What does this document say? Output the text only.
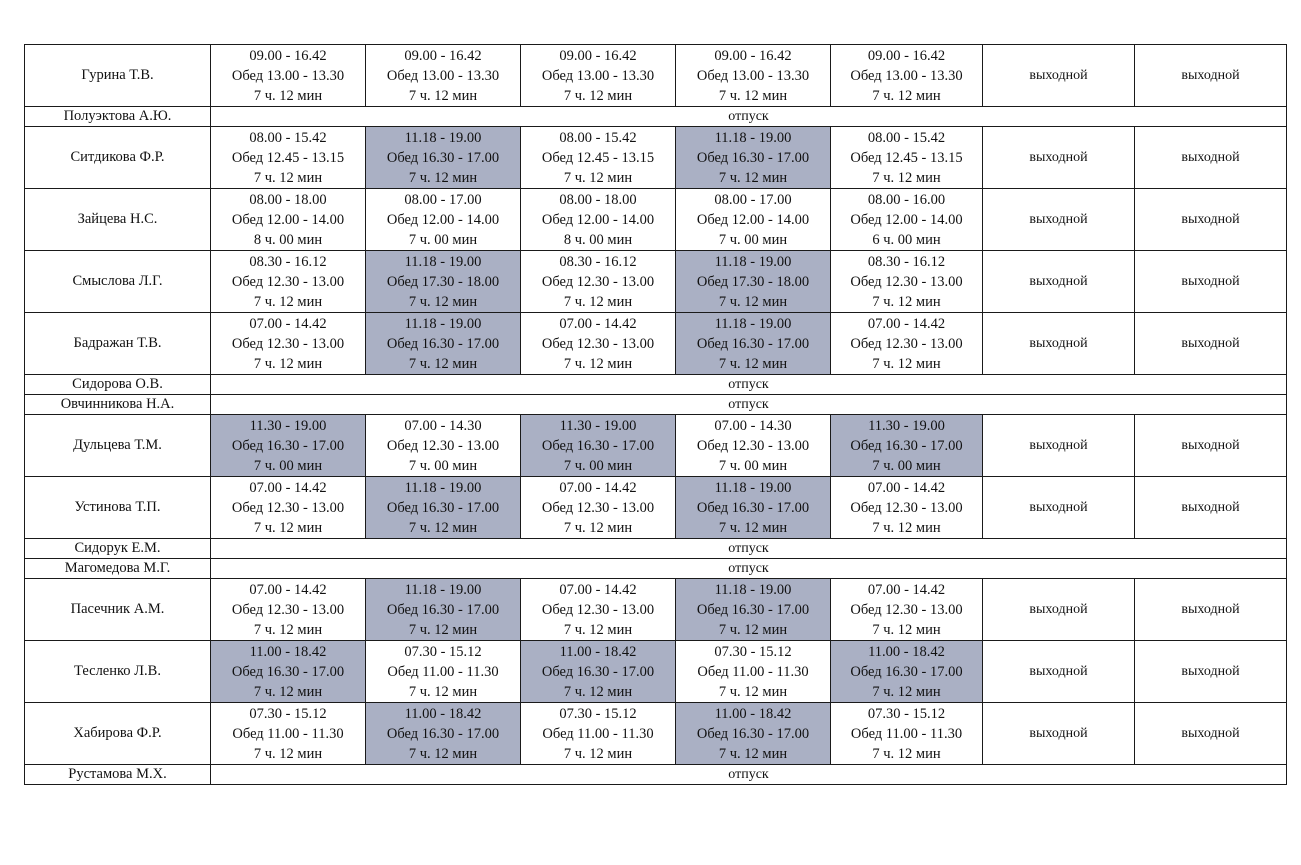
Гурина Т.В.	09.00 - 16.42
Обед 13.00 - 13.30
7 ч. 12 мин	09.00 - 16.42
Обед 13.00 - 13.30
7 ч. 12 мин	09.00 - 16.42
Обед 13.00 - 13.30
7 ч. 12 мин	09.00 - 16.42
Обед 13.00 - 13.30
7 ч. 12 мин	09.00 - 16.42
Обед 13.00 - 13.30
7 ч. 12 мин	выходной	выходной
Полуэктова А.Ю.	отпуск						
Ситдикова Ф.Р.	08.00 - 15.42
Обед 12.45 - 13.15
7 ч. 12 мин	11.18 - 19.00
Обед 16.30 - 17.00
7 ч. 12 мин	08.00 - 15.42
Обед 12.45 - 13.15
7 ч. 12 мин	11.18 - 19.00
Обед 16.30 - 17.00
7 ч. 12 мин	08.00 - 15.42
Обед 12.45 - 13.15
7 ч. 12 мин	выходной	выходной
Зайцева Н.С.	08.00 - 18.00
Обед 12.00 - 14.00
8 ч. 00 мин	08.00 - 17.00
Обед 12.00 - 14.00
7 ч. 00 мин	08.00 - 18.00
Обед 12.00 - 14.00
8 ч. 00 мин	08.00 - 17.00
Обед 12.00 - 14.00
7 ч. 00 мин	08.00 - 16.00
Обед 12.00 - 14.00
6 ч. 00 мин	выходной	выходной
Смыслова Л.Г.	08.30 - 16.12
Обед 12.30 - 13.00
7 ч. 12 мин	11.18 - 19.00
Обед 17.30 - 18.00
7 ч. 12 мин	08.30 - 16.12
Обед 12.30 - 13.00
7 ч. 12 мин	11.18 - 19.00
Обед 17.30 - 18.00
7 ч. 12 мин	08.30 - 16.12
Обед 12.30 - 13.00
7 ч. 12 мин	выходной	выходной
Бадражан Т.В.	07.00 - 14.42
Обед 12.30 - 13.00
7 ч. 12 мин	11.18 - 19.00
Обед 16.30 - 17.00
7 ч. 12 мин	07.00 - 14.42
Обед 12.30 - 13.00
7 ч. 12 мин	11.18 - 19.00
Обед 16.30 - 17.00
7 ч. 12 мин	07.00 - 14.42
Обед 12.30 - 13.00
7 ч. 12 мин	выходной	выходной
Сидорова О.В.	отпуск						
Овчинникова Н.А.	отпуск						
Дульцева Т.М.	11.30 - 19.00
Обед 16.30 - 17.00
7 ч. 00 мин	07.00 - 14.30
Обед 12.30 - 13.00
7 ч. 00 мин	11.30 - 19.00
Обед 16.30 - 17.00
7 ч. 00 мин	07.00 - 14.30
Обед 12.30 - 13.00
7 ч. 00 мин	11.30 - 19.00
Обед 16.30 - 17.00
7 ч. 00 мин	выходной	выходной
Устинова Т.П.	07.00 - 14.42
Обед 12.30 - 13.00
7 ч. 12 мин	11.18 - 19.00
Обед 16.30 - 17.00
7 ч. 12 мин	07.00 - 14.42
Обед 12.30 - 13.00
7 ч. 12 мин	11.18 - 19.00
Обед 16.30 - 17.00
7 ч. 12 мин	07.00 - 14.42
Обед 12.30 - 13.00
7 ч. 12 мин	выходной	выходной
Сидорук Е.М.	отпуск						
Магомедова М.Г.	отпуск						
Пасечник А.М.	07.00 - 14.42
Обед 12.30 - 13.00
7 ч. 12 мин	11.18 - 19.00
Обед 16.30 - 17.00
7 ч. 12 мин	07.00 - 14.42
Обед 12.30 - 13.00
7 ч. 12 мин	11.18 - 19.00
Обед 16.30 - 17.00
7 ч. 12 мин	07.00 - 14.42
Обед 12.30 - 13.00
7 ч. 12 мин	выходной	выходной
Тесленко Л.В.	11.00 - 18.42
Обед 16.30 - 17.00
7 ч. 12 мин	07.30 - 15.12
Обед 11.00 - 11.30
7 ч. 12 мин	11.00 - 18.42
Обед 16.30 - 17.00
7 ч. 12 мин	07.30 - 15.12
Обед 11.00 - 11.30
7 ч. 12 мин	11.00 - 18.42
Обед 16.30 - 17.00
7 ч. 12 мин	выходной	выходной
Хабирова Ф.Р.	07.30 - 15.12
Обед 11.00 - 11.30
7 ч. 12 мин	11.00 - 18.42
Обед 16.30 - 17.00
7 ч. 12 мин	07.30 - 15.12
Обед 11.00 - 11.30
7 ч. 12 мин	11.00 - 18.42
Обед 16.30 - 17.00
7 ч. 12 мин	07.30 - 15.12
Обед 11.00 - 11.30
7 ч. 12 мин	выходной	выходной
Рустамова М.Х.	отпуск						
